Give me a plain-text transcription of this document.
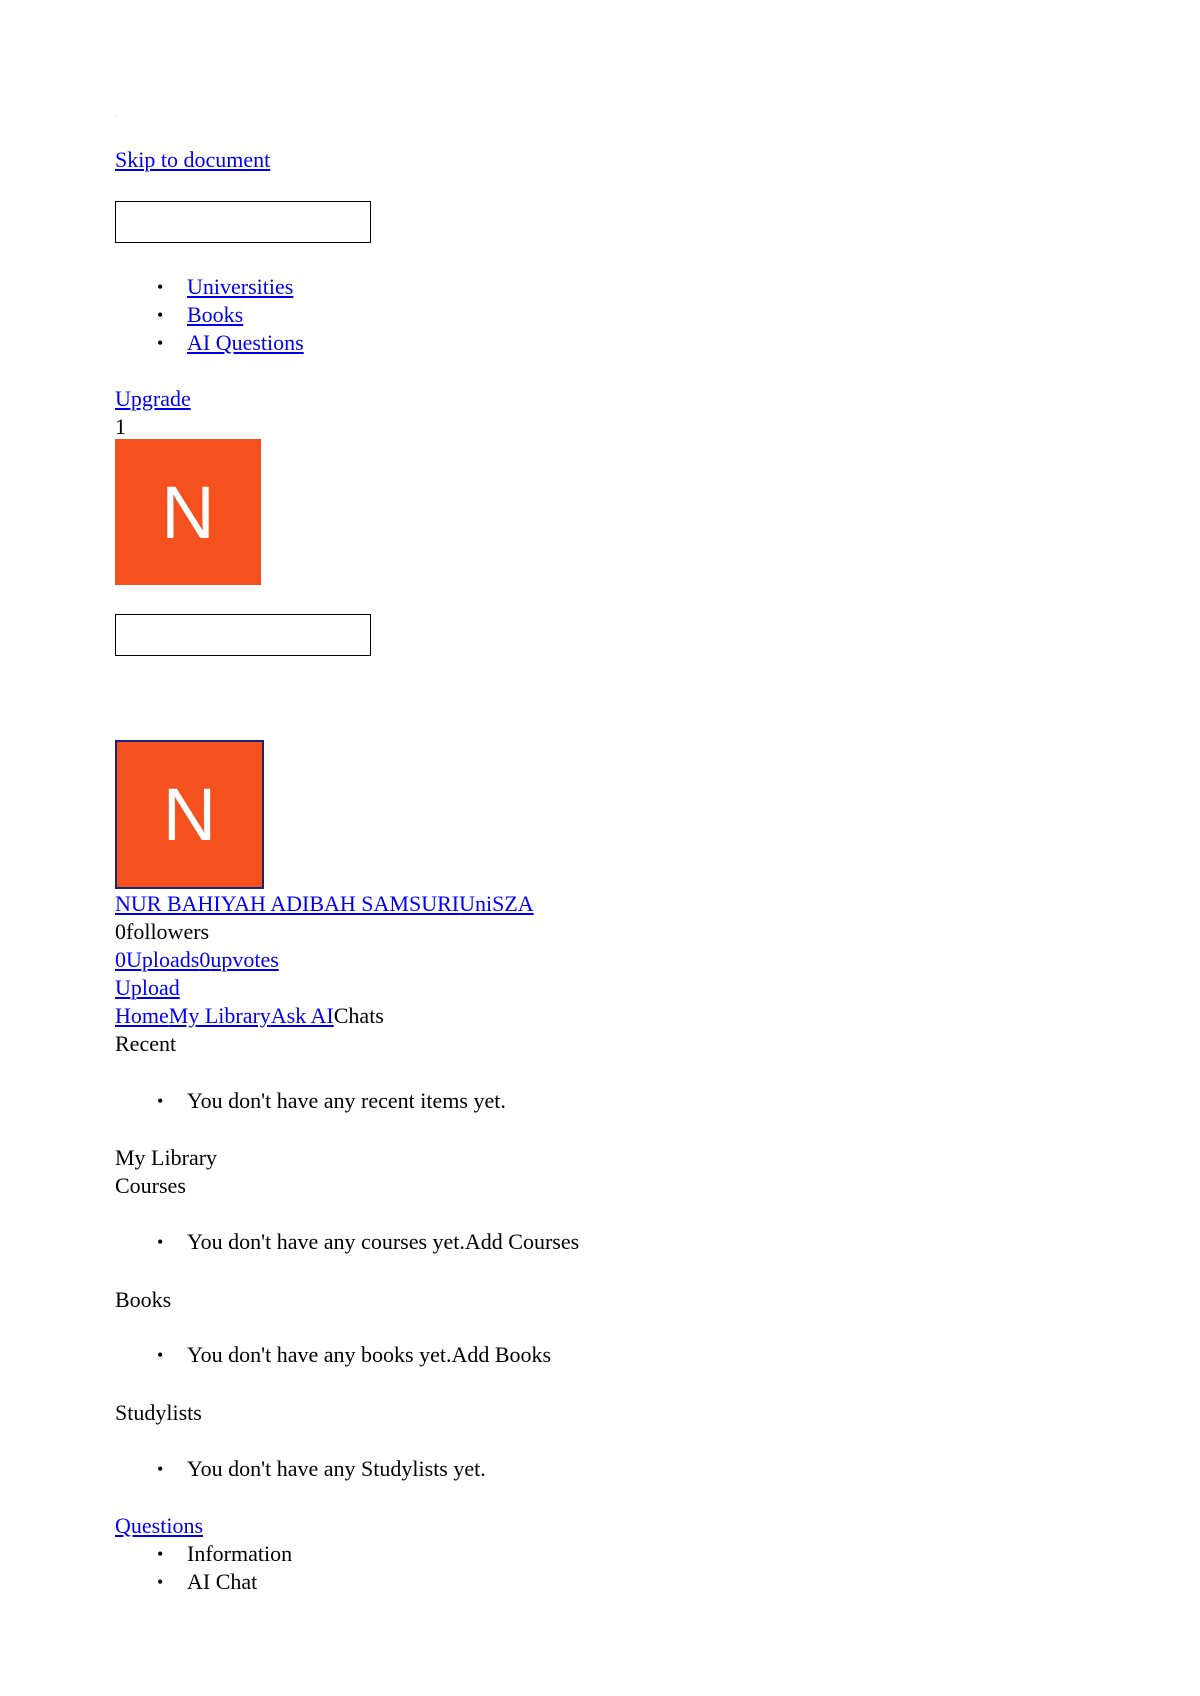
.
Skip to document
• Universities
• Books
• AI Questions
Upgrade
1
N
N
NUR BAHIYAH ADIBAH SAMSURIUniSZA
0followers
0Uploads0upvotes
Upload
HomeMy LibraryAsk AIChats
Recent
• You don't have any recent items yet.
My Library
Courses
• You don't have any courses yet.Add Courses
Books
• You don't have any books yet.Add Books
Studylists
• You don't have any Studylists yet.
Questions
• Information
• AI Chat
